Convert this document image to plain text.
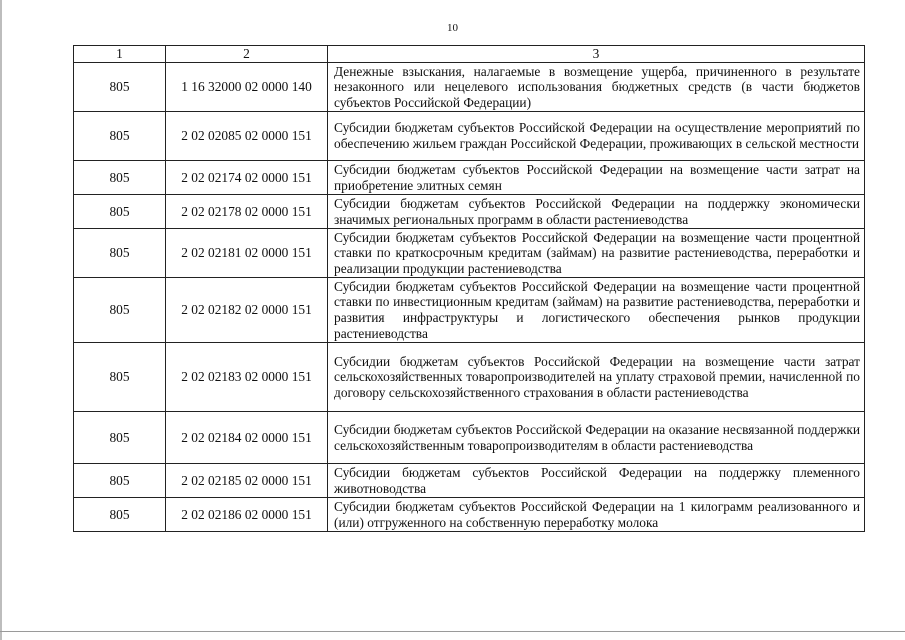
10
1	2	3
805	1 16 32000 02 0000 140	Денежные взыскания, налагаемые в возмещение ущерба, причиненного в результате незаконного или нецелевого использования бюджетных средств (в части бюджетов субъектов Российской Федерации)
805	2 02 02085 02 0000 151	Субсидии бюджетам субъектов Российской Федерации на осуществление мероприятий по обеспечению жильем граждан Российской Федерации, проживающих в сельской местности
805	2 02 02174 02 0000 151	Субсидии бюджетам субъектов Российской Федерации на возмещение части затрат на приобретение элитных семян
805	2 02 02178 02 0000 151	Субсидии бюджетам субъектов Российской Федерации на поддержку экономически значимых региональных программ в области растениеводства
805	2 02 02181 02 0000 151	Субсидии бюджетам субъектов Российской Федерации на возмещение части процентной ставки по краткосрочным кредитам (займам) на развитие растениеводства, переработки и реализации продукции растениеводства
805	2 02 02182 02 0000 151	Субсидии бюджетам субъектов Российской Федерации на возмещение части процентной ставки по инвестиционным кредитам (займам) на развитие растениеводства, переработки и развития инфраструктуры и логистического обеспечения рынков продукции растениеводства
805	2 02 02183 02 0000 151	Субсидии бюджетам субъектов Российской Федерации на возмещение части затрат сельскохозяйственных товаропроизводителей на уплату страховой премии, начисленной по договору сельскохозяйственного страхования в области растениеводства
805	2 02 02184 02 0000 151	Субсидии бюджетам субъектов Российской Федерации на оказание несвязанной поддержки сельскохозяйственным товаропроизводителям в области растениеводства
805	2 02 02185 02 0000 151	Субсидии бюджетам субъектов Российской Федерации на поддержку племенного животноводства
805	2 02 02186 02 0000 151	Субсидии бюджетам субъектов Российской Федерации на 1 килограмм реализованного и (или) отгруженного на собственную переработку молока
